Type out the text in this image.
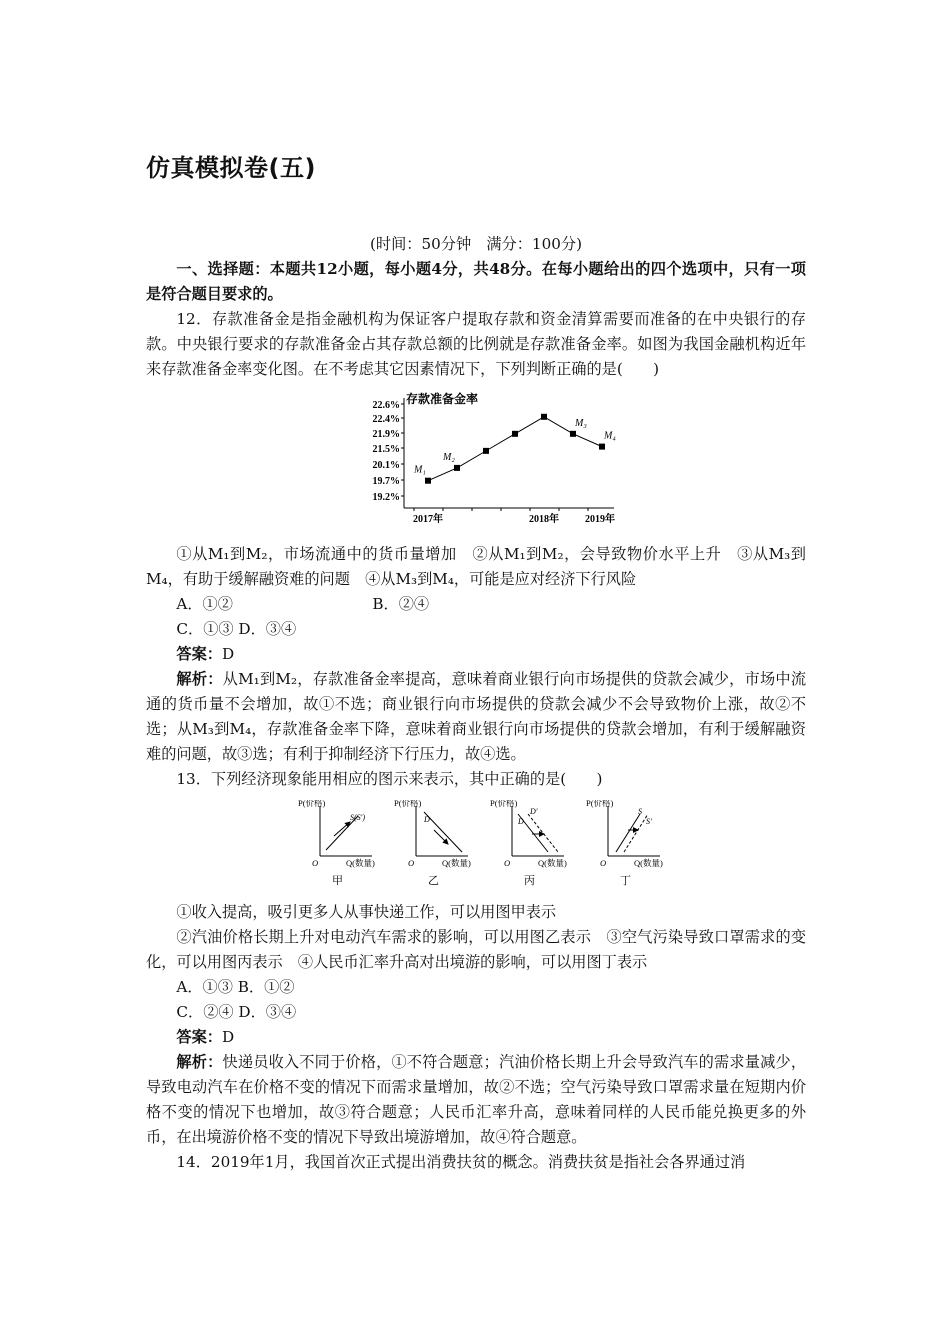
仿真模拟卷(五)

(时间：50分钟　满分：100分)

一、选择题：本题共12小题，每小题4分，共48分。在每小题给出的四个选项中，只有一项是符合题目要求的。

12．存款准备金是指金融机构为保证客户提取存款和资金清算需要而准备的在中央银行的存款。中央银行要求的存款准备金占其存款总额的比例就是存款准备金率。如图为我国金融机构近年来存款准备金率变化图。在不考虑其它因素情况下，下列判断正确的是(　　)

存款准备金率
22.6%
22.4%
21.9%
21.5%
20.1%
19.7%
19.2%
2017年	2018年	2019年
M₁
M₂
M₃
M₄

①从M₁到M₂，市场流通中的货币量增加　②从M₁到M₂，会导致物价水平上升　③从M₃到M₄，有助于缓解融资难的问题　④从M₃到M₄，可能是应对经济下行风险

A．①②	B．②④

C．①③ D．③④

答案：D

解析：从M₁到M₂，存款准备金率提高，意味着商业银行向市场提供的贷款会减少，市场中流通的货币量不会增加，故①不选；商业银行向市场提供的贷款会减少不会导致物价上涨，故②不选；从M₃到M₄，存款准备金率下降，意味着商业银行向市场提供的贷款会增加，有利于缓解融资难的问题，故③选；有利于抑制经济下行压力，故④选。

13．下列经济现象能用相应的图示来表示，其中正确的是(　　)

P(价格)
Q(数量)
O
S(S′)
甲
P(价格)
Q(数量)
O
D
乙
P(价格)
Q(数量)
O
D
D′
丙
P(价格)
Q(数量)
O
S
S′
丁

①收入提高，吸引更多人从事快递工作，可以用图甲表示

②汽油价格长期上升对电动汽车需求的影响，可以用图乙表示　③空气污染导致口罩需求的变化，可以用图丙表示　④人民币汇率升高对出境游的影响，可以用图丁表示

A．①③ B．①②

C．②④ D．③④

答案：D

解析：快递员收入不同于价格，①不符合题意；汽油价格长期上升会导致汽车的需求量减少，导致电动汽车在价格不变的情况下而需求量增加，故②不选；空气污染导致口罩需求量在短期内价格不变的情况下也增加，故③符合题意；人民币汇率升高，意味着同样的人民币能兑换更多的外币，在出境游价格不变的情况下导致出境游增加，故④符合题意。

14．2019年1月，我国首次正式提出消费扶贫的概念。消费扶贫是指社会各界通过消
